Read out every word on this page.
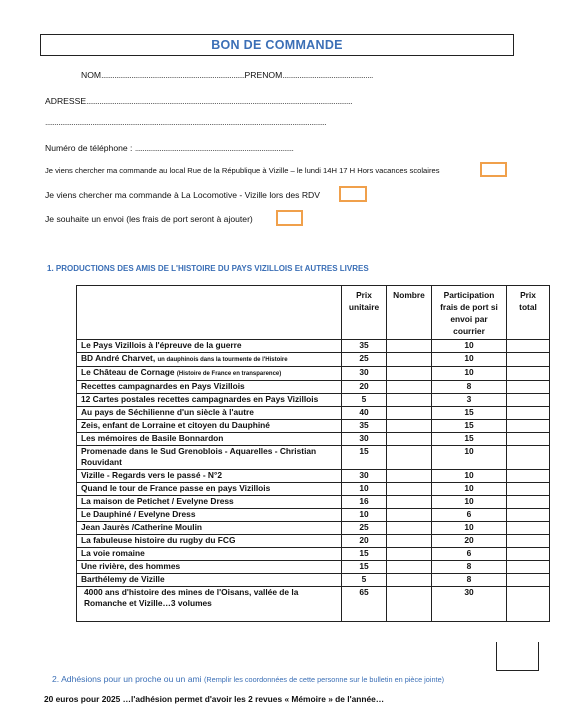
BON DE COMMANDE
NOM............................................................................PRENOM................................................
ADRESSE.............................................................................................................................................
.....................................................................................................................................................
Numéro de téléphone : ....................................................................................
Je viens chercher ma commande au local Rue de la République à Vizille – le lundi 14H 17 H Hors vacances scolaires
Je viens chercher ma commande à La Locomotive - Vizille lors des RDV
Je souhaite un envoi (les frais de port seront à ajouter)
1. PRODUCTIONS DES AMIS DE L'HISTOIRE DU PAYS VIZILLOIS Et AUTRES LIVRES
	Prix unitaire	Nombre	Participation frais de port si envoi par courrier	Prix total
Le Pays Vizillois à l'épreuve de la guerre	35		10	
BD André Charvet, un dauphinois dans la tourmente de l'Histoire	25		10	
Le Château de Cornage (Histoire de France en transparence)	30		10	
Recettes campagnardes en Pays Vizillois	20		8	
12 Cartes postales recettes campagnardes en Pays Vizillois	5		3	
Au pays de Séchilienne d'un siècle à l'autre	40		15	
Zeis, enfant de Lorraine et citoyen du Dauphiné	35		15	
Les mémoires de Basile Bonnardon	30		15	
Promenade dans le Sud Grenoblois - Aquarelles - Christian Rouvidant	15		10	
Vizille - Regards vers le passé - N°2	30		10	
Quand le tour de France passe en pays Vizillois	10		10	
La maison de Petichet / Evelyne Dress	16		10	
Le Dauphiné / Evelyne Dress	10		6	
Jean Jaurès /Catherine Moulin	25		10	
La fabuleuse histoire du rugby du FCG	20		20	
La voie romaine	15		6	
Une rivière, des hommes	15		8	
Barthélemy de Vizille	5		8	
4000 ans d'histoire des mines de l'Oisans, vallée de la Romanche et Vizille…3 volumes	65		30	
2. Adhésions pour un proche ou un ami (Remplir les coordonnées de cette personne sur le bulletin en pièce jointe)
20 euros pour 2025 …l'adhésion permet d'avoir les 2 revues « Mémoire » de l'année…
